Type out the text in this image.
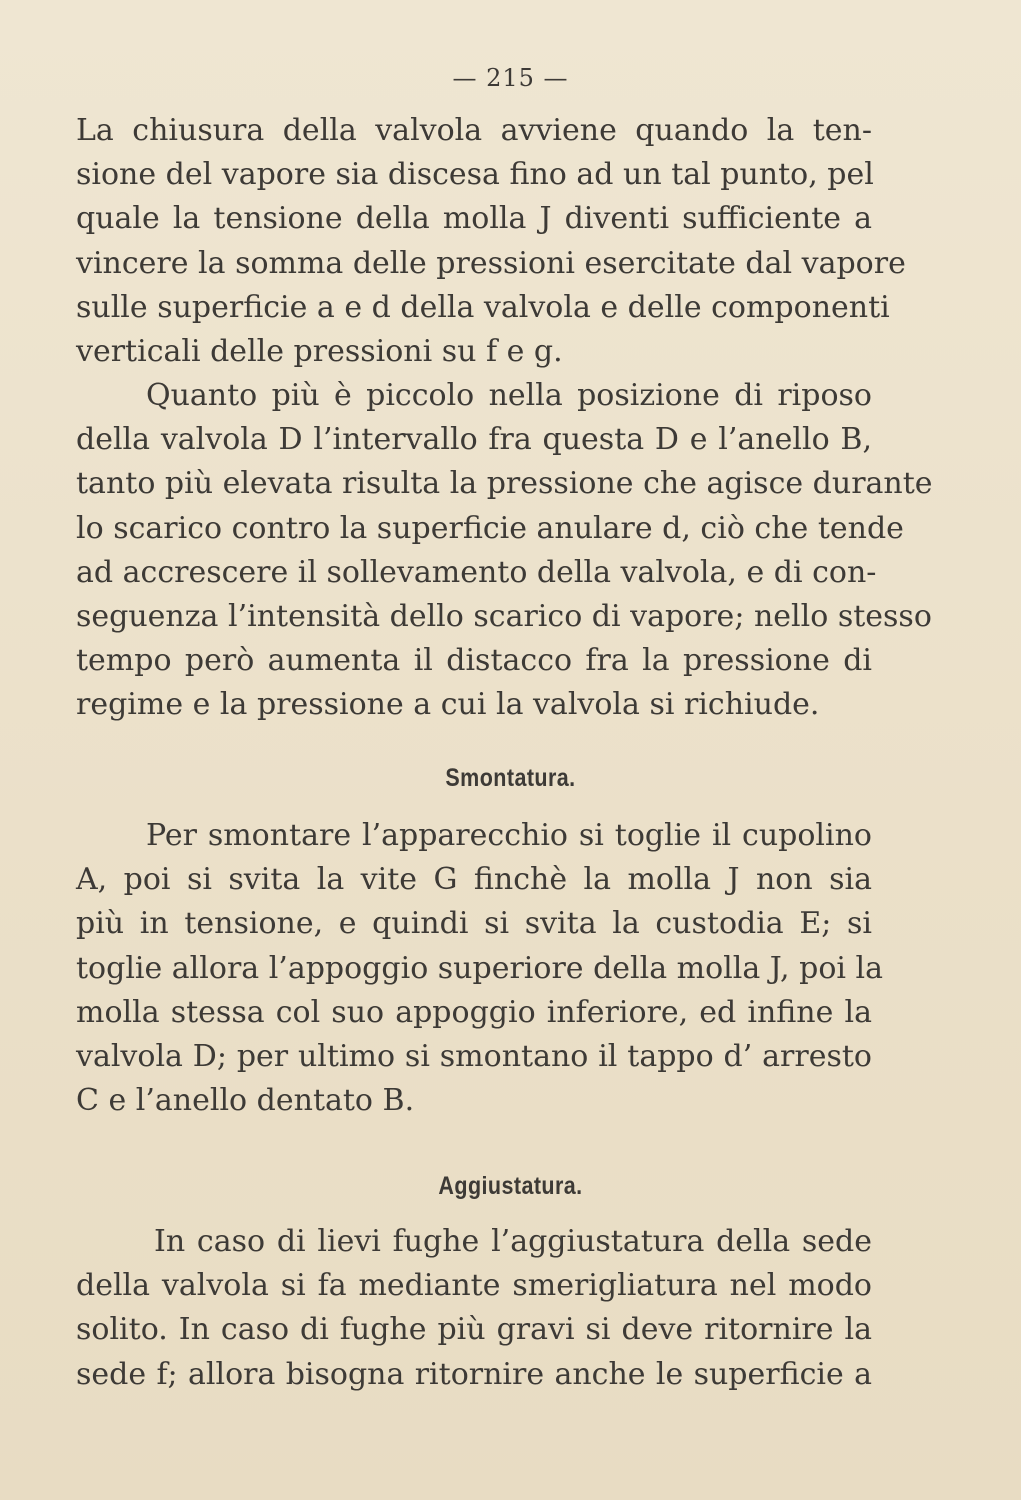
— 215 —
La chiusura della valvola avviene quando la ten-
sione del vapore sia discesa fino ad un tal punto, pel
quale la tensione della molla J diventi sufficiente a
vincere la somma delle pressioni esercitate dal vapore
sulle superficie a e d della valvola e delle componenti
verticali delle pressioni su f e g.
Quanto più è piccolo nella posizione di riposo
della valvola D l’intervallo fra questa D e l’anello B,
tanto più elevata risulta la pressione che agisce durante
lo scarico contro la superficie anulare d, ciò che tende
ad accrescere il sollevamento della valvola, e di con-
seguenza l’intensità dello scarico di vapore; nello stesso
tempo però aumenta il distacco fra la pressione di
regime e la pressione a cui la valvola si richiude.
Smontatura.
Per smontare l’apparecchio si toglie il cupolino
A, poi si svita la vite G finchè la molla J non sia
più in tensione, e quindi si svita la custodia E; si
toglie allora l’appoggio superiore della molla J, poi la
molla stessa col suo appoggio inferiore, ed infine la
valvola D; per ultimo si smontano il tappo d’ arresto
C e l’anello dentato B.
Aggiustatura.
In caso di lievi fughe l’aggiustatura della sede
della valvola si fa mediante smerigliatura nel modo
solito. In caso di fughe più gravi si deve ritornire la
sede f; allora bisogna ritornire anche le superficie a
